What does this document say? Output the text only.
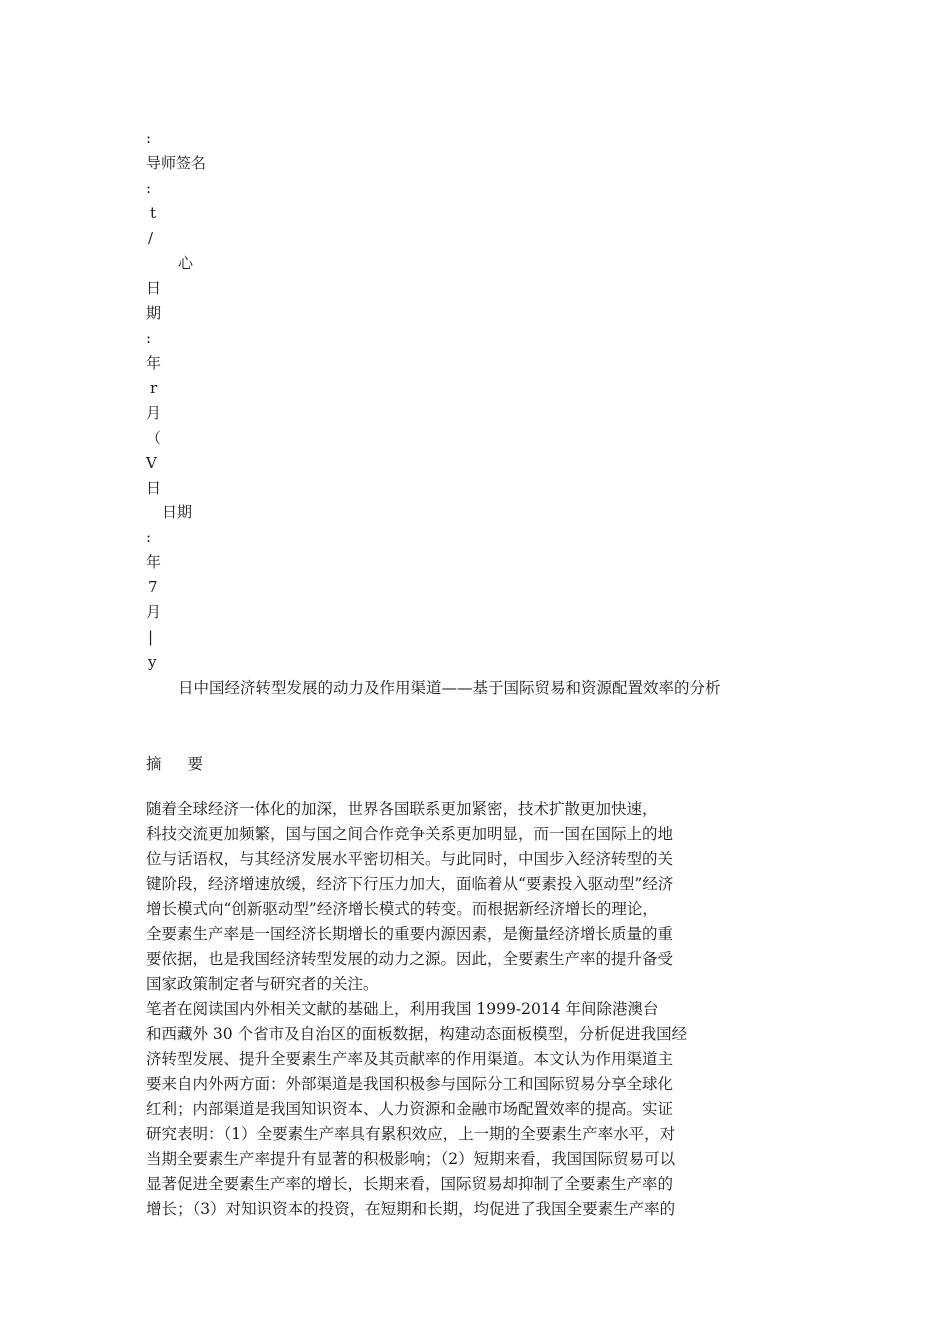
:
导师签名
:
t
/
心
日
期
:
年
r
月
（
V
日
日期
:
年
7
月
|
y
日中国经济转型发展的动力及作用渠道——基于国际贸易和资源配置效率的分析
摘 要
随着全球经济一体化的加深，世界各国联系更加紧密，技术扩散更加快速，
科技交流更加频繁，国与国之间合作竞争关系更加明显，而一国在国际上的地
位与话语权，与其经济发展水平密切相关。与此同时，中国步入经济转型的关
键阶段，经济增速放缓，经济下行压力加大，面临着从“要素投入驱动型”经济
增长模式向“创新驱动型”经济增长模式的转变。而根据新经济增长的理论，
全要素生产率是一国经济长期增长的重要内源因素，是衡量经济增长质量的重
要依据，也是我国经济转型发展的动力之源。因此，全要素生产率的提升备受
国家政策制定者与研究者的关注。
笔者在阅读国内外相关文献的基础上，利用我国 1999-2014 年间除港澳台
和西藏外 30 个省市及自治区的面板数据，构建动态面板模型，分析促进我国经
济转型发展、提升全要素生产率及其贡献率的作用渠道。本文认为作用渠道主
要来自内外两方面：外部渠道是我国积极参与国际分工和国际贸易分享全球化
红利；内部渠道是我国知识资本、人力资源和金融市场配置效率的提高。实证
研究表明：（1）全要素生产率具有累积效应，上一期的全要素生产率水平，对
当期全要素生产率提升有显著的积极影响；（2）短期来看，我国国际贸易可以
显著促进全要素生产率的增长，长期来看，国际贸易却抑制了全要素生产率的
增长；（3）对知识资本的投资，在短期和长期，均促进了我国全要素生产率的
